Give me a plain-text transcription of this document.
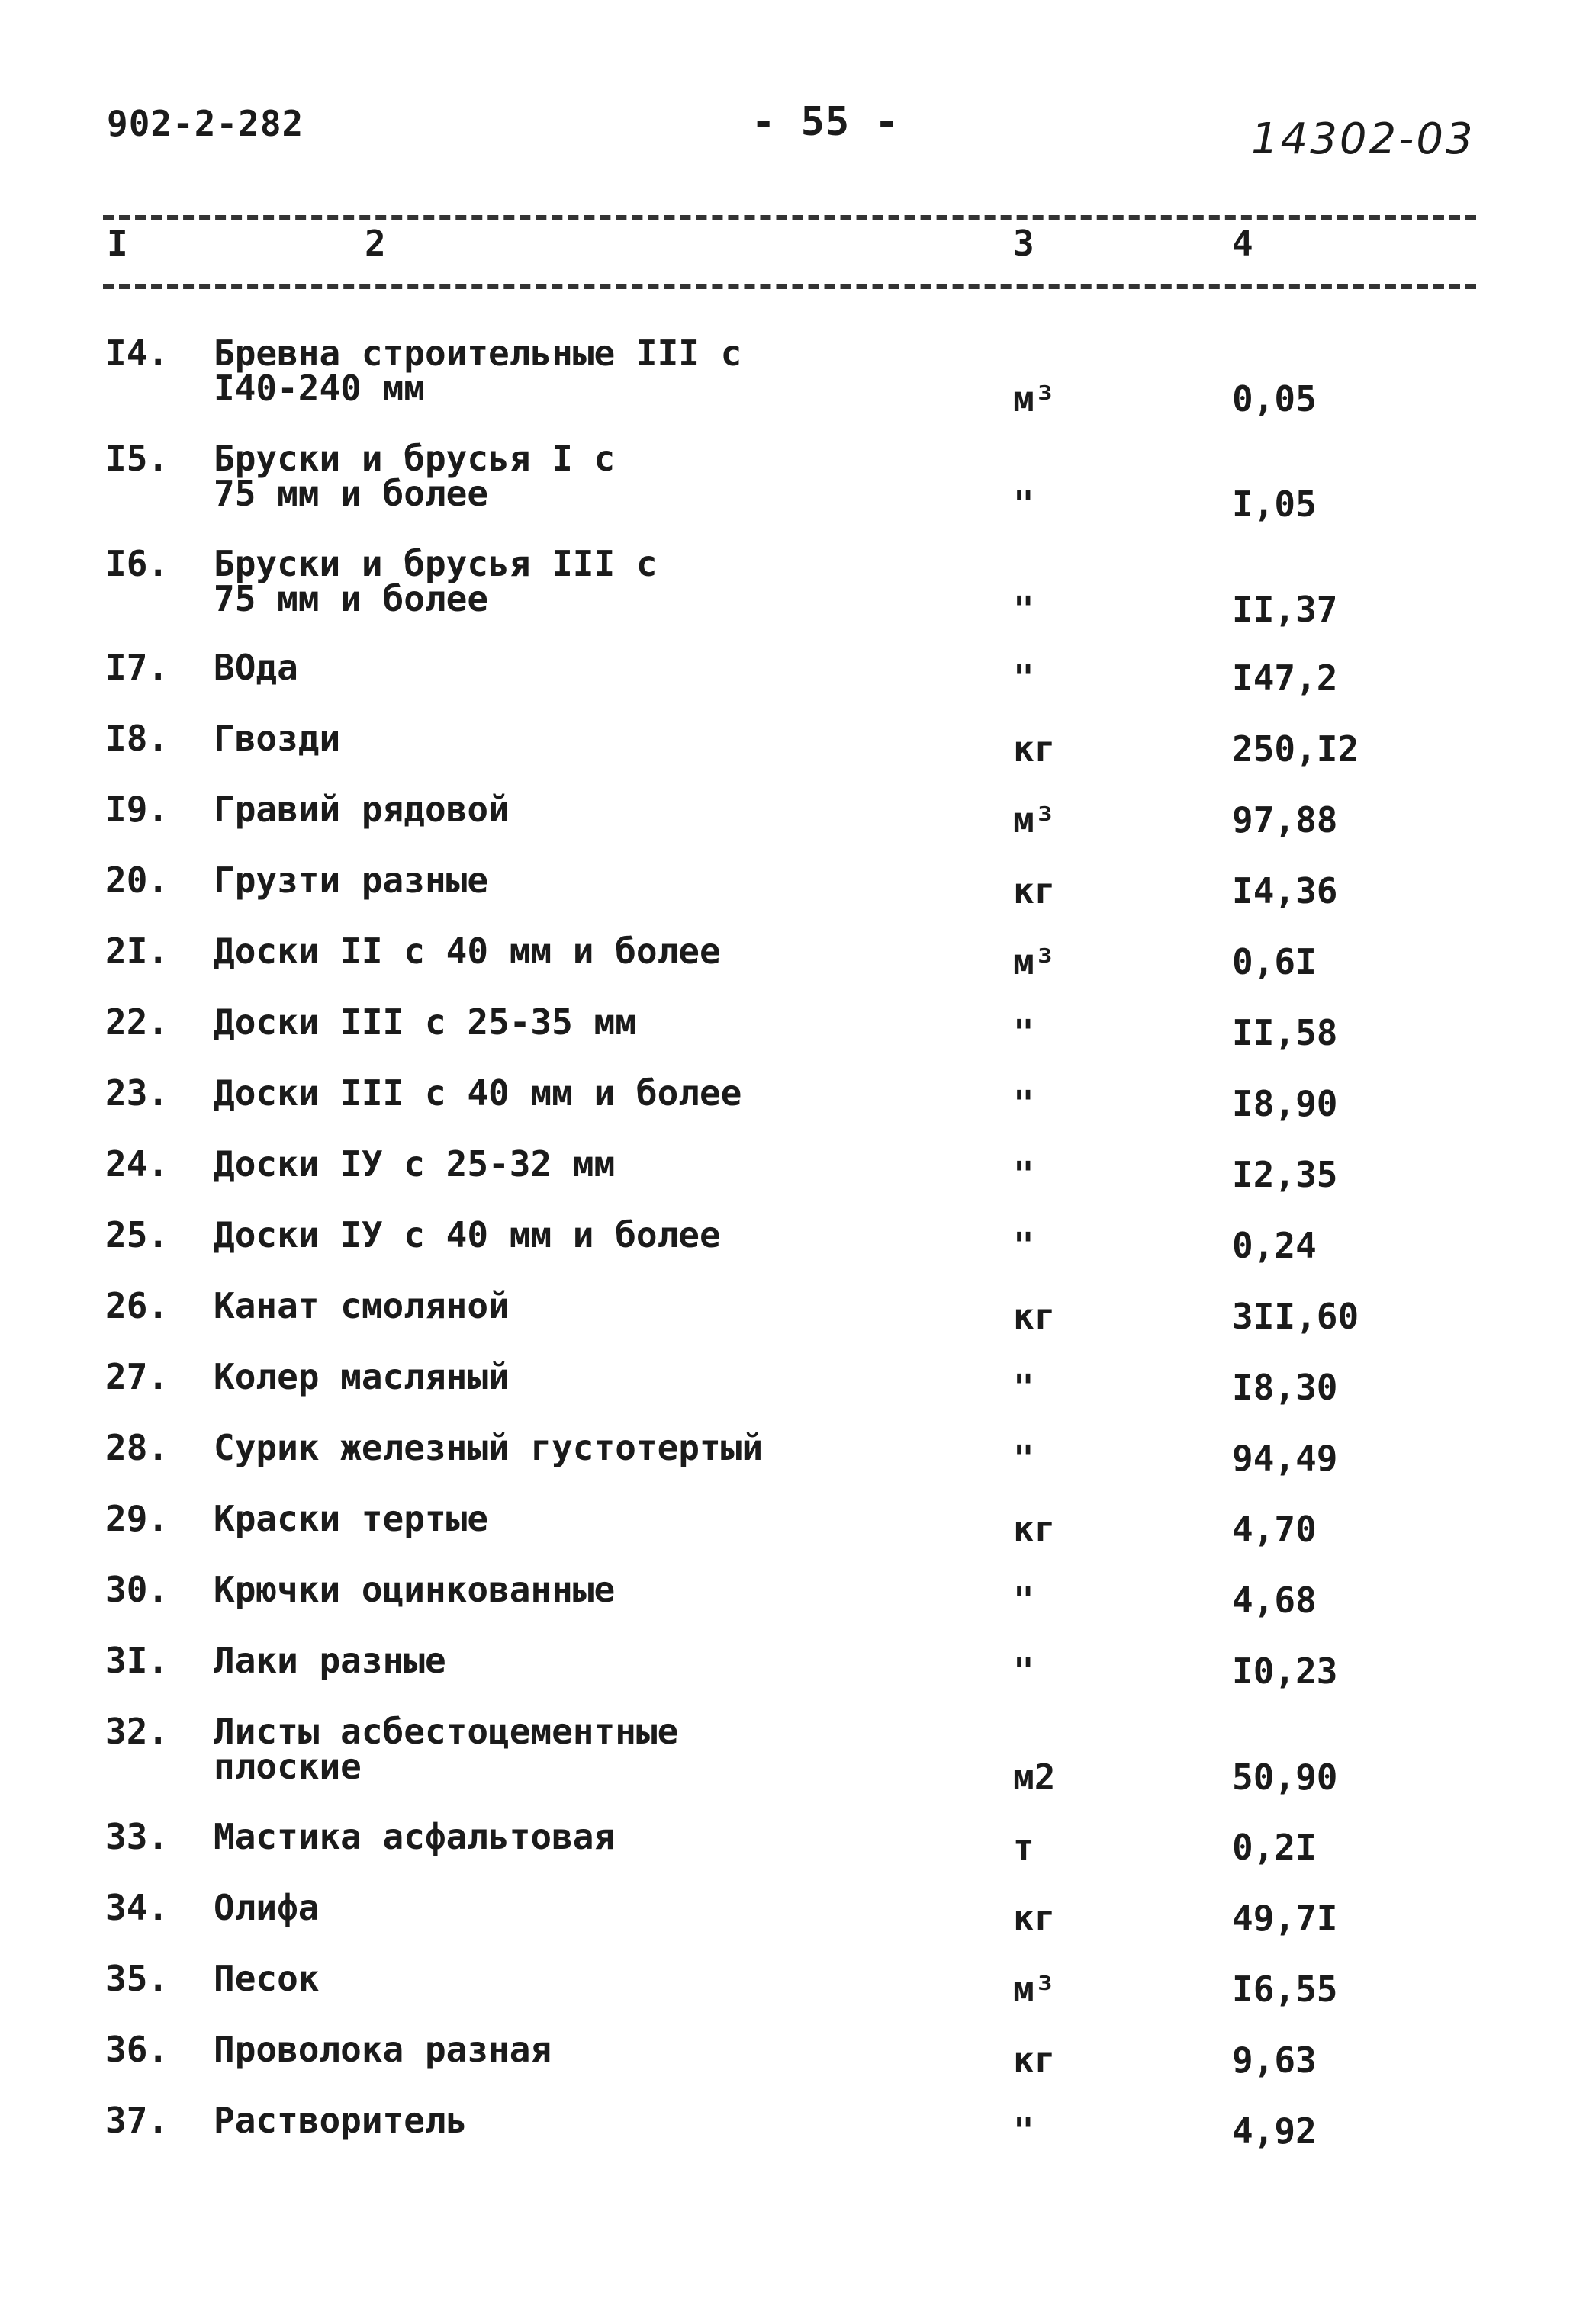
902-2-282	- 55 -	14302-03
I	2	3	4
I4. Бревна строительные III с
I40-240 мм	м³	0,05
I5. Бруски и брусья I с
75 мм и более	"	I,05
I6. Бруски и брусья III с
75 мм и более	"	II,37
I7. ВОда	"	I47,2
I8. Гвозди	кг	250,I2
I9. Гравий рядовой	м³	97,88
20. Грузти разные	кг	I4,36
2I. Доски II с 40 мм и более	м³	0,6I
22. Доски III с 25-35 мм	"	II,58
23. Доски III с 40 мм и более	"	I8,90
24. Доски IУ с 25-32 мм	"	I2,35
25. Доски IУ с 40 мм и более	"	0,24
26. Канат смоляной	кг	3II,60
27. Колер масляный	"	I8,30
28. Сурик железный густотертый	"	94,49
29. Краски тертые	кг	4,70
30. Крючки оцинкованные	"	4,68
3I. Лаки разные	"	I0,23
32. Листы асбестоцементные
плоские	м2	50,90
33. Мастика асфальтовая	т	0,2I
34. Олифа	кг	49,7I
35. Песок	м³	I6,55
36. Проволока разная	кг	9,63
37. Растворитель	"	4,92
